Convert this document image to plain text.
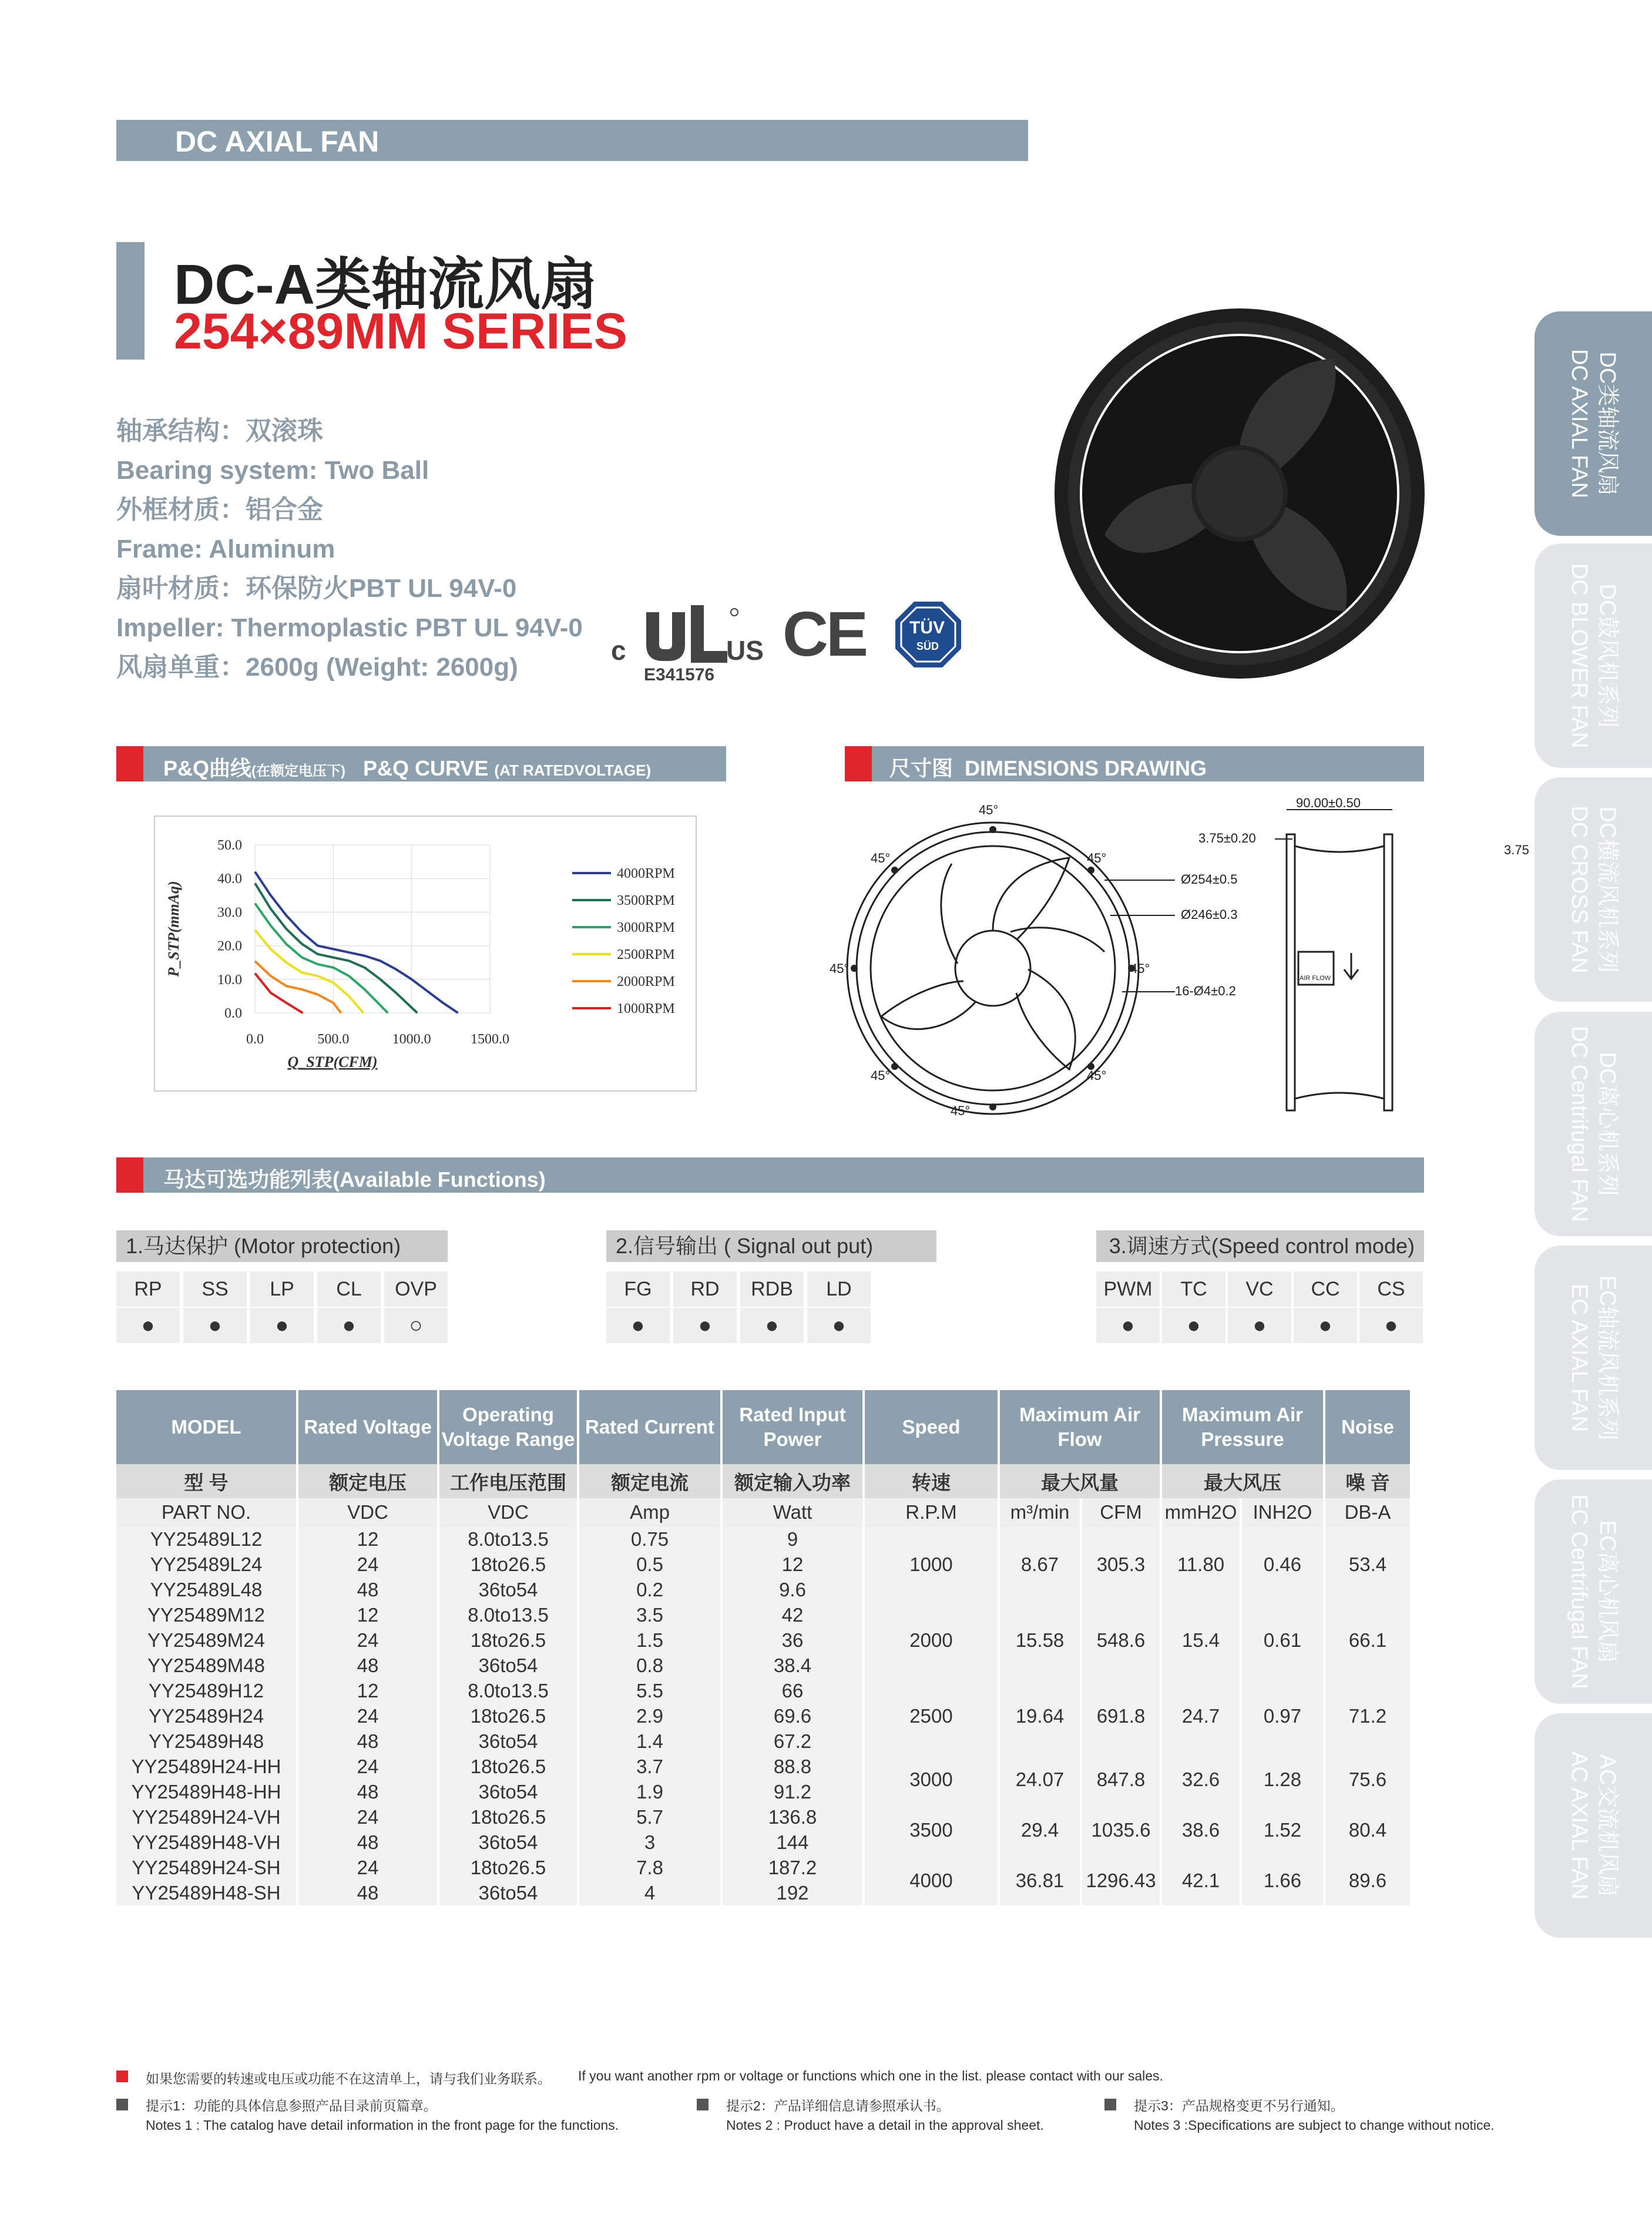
DC AXIAL FAN
DC-A类轴流风扇
254×89MM SERIES
轴承结构：双滚珠
Bearing system: Two Ball
外框材质：铝合金
Frame: Aluminum
扇叶材质：环保防火PBT UL 94V-0
Impeller: Thermoplastic PBT UL 94V-0
风扇单重：2600g (Weight: 2600g)
c	US
E341576
CE TÜV
SÜD
DC类轴流风扇
DC AXIAL FAN
DC鼓风机系列
DC BLOWER FAN
DC横流风机系列
DC CROSS FAN
DC离心机系列
DC Centrifugal FAN
EC轴流风机系列
EC AXIAL FAN
EC离心机风扇
EC Centrifugal FAN
AC交流机风扇
AC AXIAL FAN
P&Q曲线(在额定电压下) P&Q CURVE (AT RATEDVOLTAGE)	尺寸图 DIMENSIONS DRAWING
0.0
10.0
20.0
30.0
40.0
50.0
0.0	500.0	1000.0	1500.0
Q_STP(CFM)
P_STP(mmAq)
4000RPM
3500RPM
3000RPM
2500RPM
2000RPM
1000RPM
45°
45°	45°
45°	45°
45°	45°
45°
90.00±0.50
3.75±0.20
Ø254±0.5
Ø246±0.3
16-Ø4±0.2
AIR FLOW
3.75
马达可选功能列表(Available Functions)
1.马达保护 (Motor protection)
RP	SS	LP	CL	OVP
●	●	●	●	○
2.信号输出 ( Signal out put)
FG	RD	RDB	LD
●	●	●	●
3.调速方式(Speed control mode)
PWM	TC	VC	CC	CS
●	●	●	●	●
MODEL	Rated Voltage	Operating Voltage Range	Rated Current	Rated Input Power	Speed	Maximum Air Flow		Maximum Air Pressure		Noise
型 号	额定电压	工作电压范围	额定电流	额定输入功率	转速	最大风量		最大风压		噪 音
PART NO.	VDC	VDC	Amp	Watt	R.P.M	m³/min	CFM	mmH2O	INH2O	DB-A
YY25489L12	12	8.0to13.5	0.75	9	1000	8.67	305.3	11.80	0.46	53.4
YY25489L24	24	18to26.5	0.5	12						
YY25489L48	48	36to54	0.2	9.6						
YY25489M12	12	8.0to13.5	3.5	42	2000	15.58	548.6	15.4	0.61	66.1
YY25489M24	24	18to26.5	1.5	36						
YY25489M48	48	36to54	0.8	38.4						
YY25489H12	12	8.0to13.5	5.5	66	2500	19.64	691.8	24.7	0.97	71.2
YY25489H24	24	18to26.5	2.9	69.6						
YY25489H48	48	36to54	1.4	67.2						
YY25489H24-HH	24	18to26.5	3.7	88.8	3000	24.07	847.8	32.6	1.28	75.6
YY25489H48-HH	48	36to54	1.9	91.2						
YY25489H24-VH	24	18to26.5	5.7	136.8	3500	29.4	1035.6	38.6	1.52	80.4
YY25489H48-VH	48	36to54	3	144						
YY25489H24-SH	24	18to26.5	7.8	187.2	4000	36.81	1296.43	42.1	1.66	89.6
YY25489H48-SH	48	36to54	4	192						
如果您需要的转速或电压或功能不在这清单上，请与我们业务联系。 If you want another rpm or voltage or functions which one in the list. please contact with our sales.
提示1：功能的具体信息参照产品目录前页篇章。
Notes 1 : The catalog have detail information in the front page for the functions.
提示2：产品详细信息请参照承认书。
Notes 2 : Product have a detail in the approval sheet.
提示3：产品规格变更不另行通知。
Notes 3 :Specifications are subject to change without notice.
